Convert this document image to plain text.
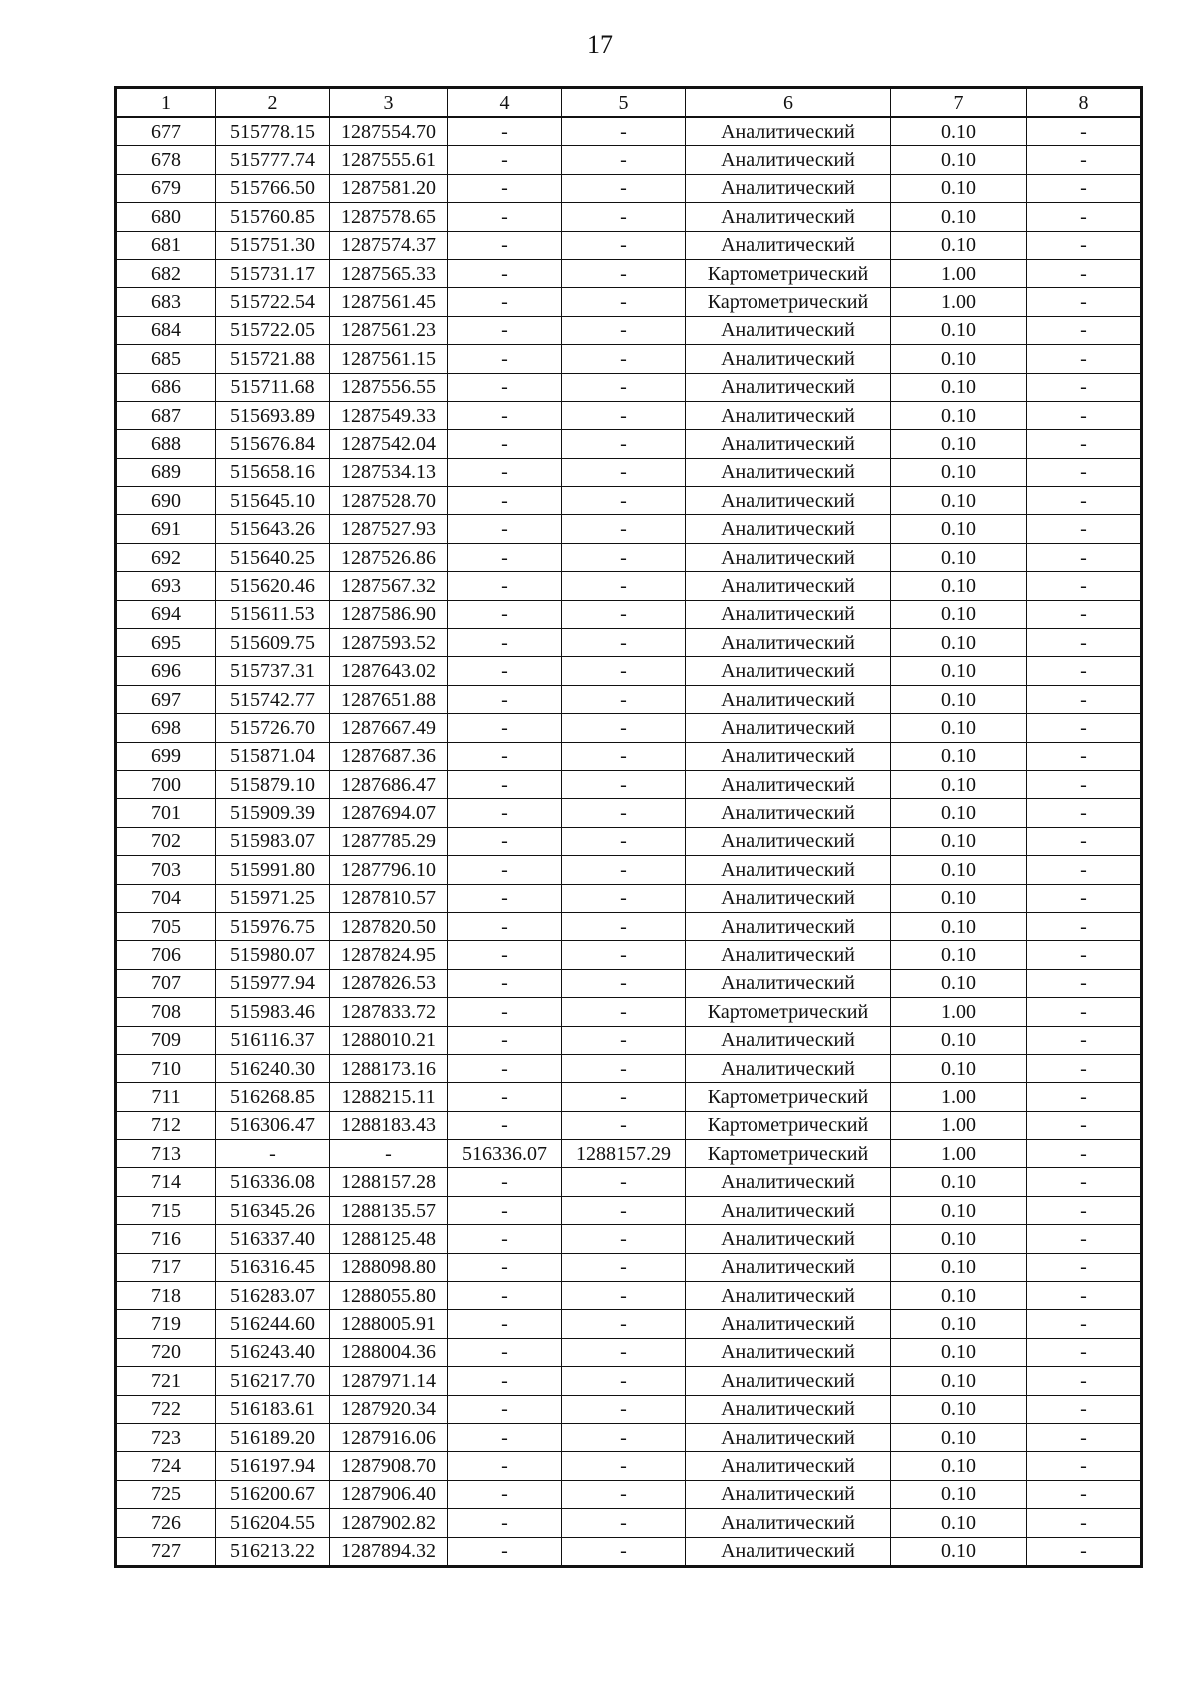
17
1	2	3	4	5	6	7	8
677	515778.15	1287554.70	-	-	Аналитический	0.10	-
678	515777.74	1287555.61	-	-	Аналитический	0.10	-
679	515766.50	1287581.20	-	-	Аналитический	0.10	-
680	515760.85	1287578.65	-	-	Аналитический	0.10	-
681	515751.30	1287574.37	-	-	Аналитический	0.10	-
682	515731.17	1287565.33	-	-	Картометрический	1.00	-
683	515722.54	1287561.45	-	-	Картометрический	1.00	-
684	515722.05	1287561.23	-	-	Аналитический	0.10	-
685	515721.88	1287561.15	-	-	Аналитический	0.10	-
686	515711.68	1287556.55	-	-	Аналитический	0.10	-
687	515693.89	1287549.33	-	-	Аналитический	0.10	-
688	515676.84	1287542.04	-	-	Аналитический	0.10	-
689	515658.16	1287534.13	-	-	Аналитический	0.10	-
690	515645.10	1287528.70	-	-	Аналитический	0.10	-
691	515643.26	1287527.93	-	-	Аналитический	0.10	-
692	515640.25	1287526.86	-	-	Аналитический	0.10	-
693	515620.46	1287567.32	-	-	Аналитический	0.10	-
694	515611.53	1287586.90	-	-	Аналитический	0.10	-
695	515609.75	1287593.52	-	-	Аналитический	0.10	-
696	515737.31	1287643.02	-	-	Аналитический	0.10	-
697	515742.77	1287651.88	-	-	Аналитический	0.10	-
698	515726.70	1287667.49	-	-	Аналитический	0.10	-
699	515871.04	1287687.36	-	-	Аналитический	0.10	-
700	515879.10	1287686.47	-	-	Аналитический	0.10	-
701	515909.39	1287694.07	-	-	Аналитический	0.10	-
702	515983.07	1287785.29	-	-	Аналитический	0.10	-
703	515991.80	1287796.10	-	-	Аналитический	0.10	-
704	515971.25	1287810.57	-	-	Аналитический	0.10	-
705	515976.75	1287820.50	-	-	Аналитический	0.10	-
706	515980.07	1287824.95	-	-	Аналитический	0.10	-
707	515977.94	1287826.53	-	-	Аналитический	0.10	-
708	515983.46	1287833.72	-	-	Картометрический	1.00	-
709	516116.37	1288010.21	-	-	Аналитический	0.10	-
710	516240.30	1288173.16	-	-	Аналитический	0.10	-
711	516268.85	1288215.11	-	-	Картометрический	1.00	-
712	516306.47	1288183.43	-	-	Картометрический	1.00	-
713	-	-	516336.07	1288157.29	Картометрический	1.00	-
714	516336.08	1288157.28	-	-	Аналитический	0.10	-
715	516345.26	1288135.57	-	-	Аналитический	0.10	-
716	516337.40	1288125.48	-	-	Аналитический	0.10	-
717	516316.45	1288098.80	-	-	Аналитический	0.10	-
718	516283.07	1288055.80	-	-	Аналитический	0.10	-
719	516244.60	1288005.91	-	-	Аналитический	0.10	-
720	516243.40	1288004.36	-	-	Аналитический	0.10	-
721	516217.70	1287971.14	-	-	Аналитический	0.10	-
722	516183.61	1287920.34	-	-	Аналитический	0.10	-
723	516189.20	1287916.06	-	-	Аналитический	0.10	-
724	516197.94	1287908.70	-	-	Аналитический	0.10	-
725	516200.67	1287906.40	-	-	Аналитический	0.10	-
726	516204.55	1287902.82	-	-	Аналитический	0.10	-
727	516213.22	1287894.32	-	-	Аналитический	0.10	-
